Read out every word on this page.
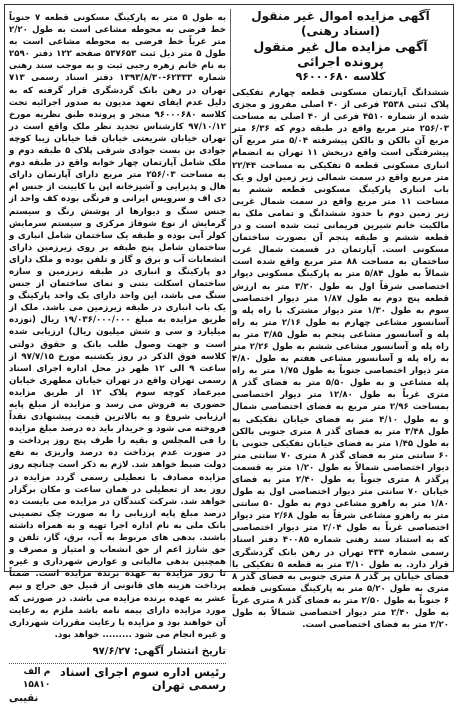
آگهی مزایده اموال غیر منقول (اسناد رهنی)
آگهی مزایده مال غیر منقول پرونده اجرائی
کلاسه ۹۶۰۰۰۶۸۰

ششدانگ آپارتمان مسکونی قطعه چهارم تفکیکی پلاک ثبتی ۳۵۳۸ فرعی از ۴۰ اصلی مفروز و مجزی شده از شماره ۴۵۱۰ فرعی از ۴۰ اصلی به مساحت ۲۵۶/۰۳ متر مربع واقع در طبقه دوم که ۶/۳۶ متر مربع آن بالکن و بالکن پیشرفته ۵/۰۴ متر مربع آن پیشرفتگی است واقع دریخش ۱۱ تهران به انضمام انباری مسکونی قطعه ۵ تفکیکی به مساحت ۲۲/۴۴ متر مربع واقع در سمت شمالی زیر زمین اول و یک باب انباری پارکینگ مسکونی قطعه ششم به مساحت ۱۱ متر مربع واقع در سمت شمال غربی زیر زمین دوم با حدود ششدانگ و تمامی ملک به مالکیت خانم شیرین فریمانی ثبت شده است و در قطعه ششم و طبقه پنجم آن بصورت ساختمان مسکونی است. آپارتمان در قسمت شمال غرب ساختمان به مساحت ۸۸ متر مربع واقع شده است شمالاً به طول ۵/۸۴ متر به پارکینگ مسکونی دیوار اختصاصی شرقاً اول به طول ۳/۲۰ متر به ارزش قطعه پنج دوم به طول ۱/۸۷ متر دیوار اختصاصی سوم به طول ۱/۳۰ متر دیوار مشترک با راه پله و آسانسور مشاعی چهارم به طول ۲/۱۶ متر به راه پله و آسانسور مشاعی پنجم به طول ۳/۸۵ متر به راه پله و آسانسور مشاعی ششم به طول ۲/۲۶ متر به راه پله و آسانسور مشاعی هفتم به طول ۴/۸۰ متر دیوار اختصاصی جنوباً به طول ۱/۷۵ متر به راه پله مشاعی و به طول ۵/۵۰ متر به فضای گذر ۸ متری غرباً به طول ۱۲/۸۰ متر دیوار اختصاصی بمساحت ۲/۹۶ متر مربع به فضای اختصاصی شمال و به طول ۴/۱۰ متر به فضای خیابان تفکیکی به طول ۳/۴۸ متر به فضای گذر ۸ متری جنوبی بالکن به طول ۱/۴۵ متر به فضای خیابان تفکیکی جنوبی با ۶۰ سانتی متر به فضای گذر ۸ متری ۷۰ سانتی متر دیوار اختصاصی شمالاً به طول ۱/۲۰ متر به قسمت پرگذر ۸ متری جنوباً به طول ۲/۴۰ متر به فضای خیابان ۷۰ سانتی متر دیوار اختصاصی اول به طول ۱/۸۰ متر به راهرو مشاعی دوم به طول ۵۰ سانتی متر به راهرو مشاعی شرقاً به طول ۲/۶۸ متر دیوار اختصاصی غرباً به طول ۲/۰۴ متر دیوار اختصاصی که به استناد سند رهنی شماره ۴۰۰۸۵ دفتر اسناد رسمی شماره ۴۳۴ تهران در رهن بانک گردشگری قرار دارد. به طول ۳/۱۰ متر به قطعه ۵ تفکیکی با فضای خیابان پر گذر ۸ متری جنوبی به فضای گذر ۸ متری به طول ۵/۲۰ متر به پارکینگ مسکونی قطعه ۶ جنوباً به طول ۲/۵۰ متر به فضای گذر ۸ متری غرباً به طول ۲/۴۰ متر دیوار اختصاصی شمالاً به طول ۲/۲۰ متر به فضای اختصاصی است.

به طول ۵ متر به پارکینگ مسکونی قطعه ۷ جنوباً خط فرضی به محوطه مشاعی است به طول ۲/۲۰ متر غرباً خط فرضی به محوطه مشاعی است به طول ۵ متر ذیل ثبت ۵۳۷۶۵۳ صفحه ۱۲۲ دفتر ۲۵۹۰ به نام خانم زهره رجبی ثبت و به موجب سند رهنی شماره ۶۲۳۳۳-۱۳۹۳/۸/۳۰ دفتر اسناد رسمی ۷۱۳ تهران در رهن بانک گردشگری قرار گرفته که به دلیل عدم ایفای تعهد مدیون به صدور اجرائیه تحت کلاسه ۹۶۰۰۰۶۸۰ منجر و پرونده طبق نظریه مورخ ۹۷/۱۰/۱۲ کارشناس تجدید نظر ملک واقع است در تهران خیابان شریعتی خیابان قبا خیابان زیبا کوچه جوادی بن بست جوادی شرقی پلاک ۵ طبقه دوم و ملک شامل آپارتمان چهار خوابه واقع در طبقه دوم به مساحت ۲۵۶/۰۳ متر مربع دارای آپارتمان دارای هال و پذیرایی و آشپزخانه اپن با کابینت از جنس ام دی اف و سرویس ایرانی و فرنگی بوده کف واحد از جنس سنگ و دیوارها از پوشش رنگ و سیستم گرمایش از نوع شوفاژ مرکزی و سیستم سرمایش کولر آبی بوده و طبقه یک ساختمان شامل انباری و ساختمان شامل پنج طبقه بر روی زیرزمین دارای انشعابات آب و برق و گاز و تلفن بوده و ملک دارای دو پارکینگ و انباری در طبقه زیرزمین و سازه ساختمان اسکلت بتنی و نمای ساختمان از جنس سنگ می باشد، این واحد دارای یک واحد پارکینگ و یک باب انباری در طبقه زیرزمین می باشد. ملک از طریق مزایده به مبلغ ۱۹/۰۳۶/۰۰۰/۰۰۰ ریال (نوزده میلیارد و سی و شش میلیون ریال) ارزیابی شده است و جهت وصول طلب بانک و حقوق دولتی کلاسه فوق الذکر در روز یکشنبه مورخ ۹۷/۷/۱۵ از ساعت ۹ الی ۱۲ ظهر در محل اداره اجرای اسناد رسمی تهران واقع در تهران خیابان مطهری خیابان میرعماد کوچه سوم پلاک ۱۲ از طریق مزایده حضوری به فروش می رسد و مزایده از مبلغ پایه ارزیابی شروع و به بالاترین قیمت پیشنهادی نقداً فروخته می شود و خریدار باید ده درصد مبلغ مزایده را فی المجلس و بقیه را ظرف پنج روز پرداخت و در صورت عدم پرداخت ده درصد واریزی به نفع دولت ضبط خواهد شد. لازم به ذکر است چنانچه روز مزایده مصادف با تعطیلی رسمی گردد مزایده در روز بعد از تعطیلی در همان ساعت و مکان برگزار خواهد شد. شرکت کنندگان در مزایده می بایست ده درصد مبلغ پایه ارزیابی را به صورت چک تضمینی بانک ملی به نام اداره اجرا تهیه و به همراه داشته باشند. بدهی های مربوط به آب، برق، گاز، تلفن و حق شارژ اعم از حق انشعاب و امتیاز و مصرف و همچنین بدهی مالیاتی و عوارض شهرداری و غیره تا روز مزایده به عهده برنده مزایده است. ضمناً پرداخت هزینه های قانونی از قبیل حق حراج و نیم عشر به عهده برنده مزایده می باشد. در صورتی که مورد مزایده دارای بیمه نامه باشد ملزم به رعایت آن خواهند بود و مزایده با رعایت مقررات شهرداری و غیره انجام می شود ......... خواهد بود.

تاریخ انتشار آگهی: ۹۷/۶/۲۷
رئیس اداره سوم اجرای اسناد رسمی تهران
م الف ۱۵۸۱۰
نقیبی
